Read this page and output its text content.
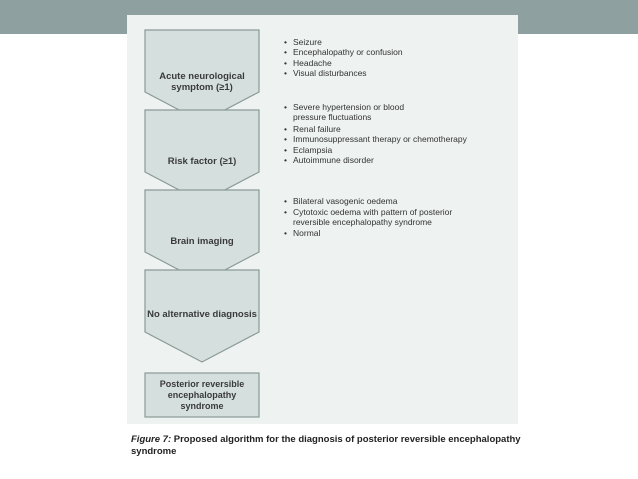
Acute neurological symptom (≥1)
Risk factor (≥1)
Brain imaging
No alternative diagnosis
Posterior reversible encephalopathy syndrome
• Seizure
• Encephalopathy or confusion
• Headache
• Visual disturbances
• Severe hypertension or blood pressure fluctuations
• Renal failure
• Immunosuppressant therapy or chemotherapy
• Eclampsia
• Autoimmune disorder
• Bilateral vasogenic oedema
• Cytotoxic oedema with pattern of posterior reversible encephalopathy syndrome
• Normal
Figure 7: Proposed algorithm for the diagnosis of posterior reversible encephalopathy syndrome
